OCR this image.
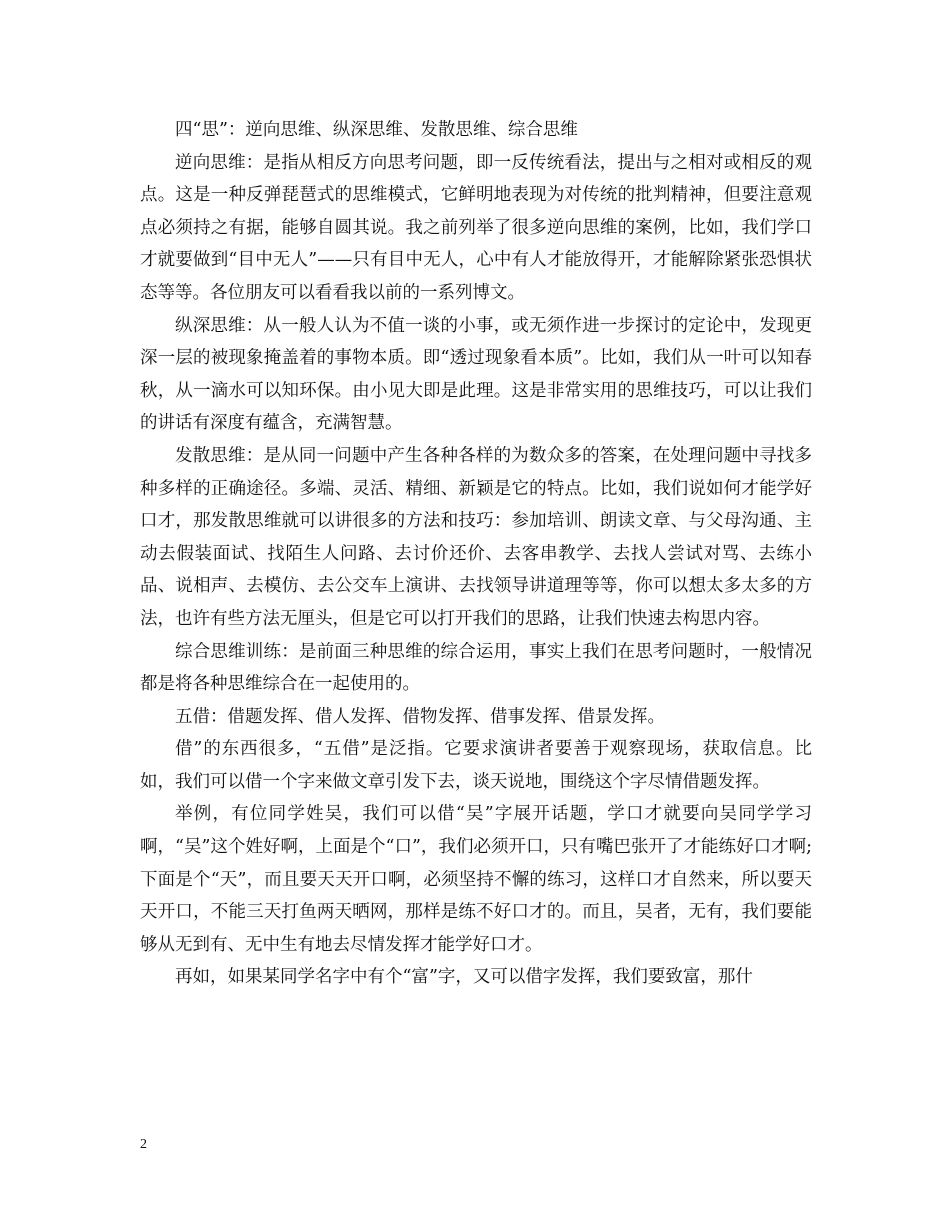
四“思”：逆向思维、纵深思维、发散思维、综合思维

逆向思维：是指从相反方向思考问题，即一反传统看法，提出与之相对或相反的观点。这是一种反弹琵琶式的思维模式，它鲜明地表现为对传统的批判精神，但要注意观点必须持之有据，能够自圆其说。我之前列举了很多逆向思维的案例，比如，我们学口才就要做到“目中无人”——只有目中无人，心中有人才能放得开，才能解除紧张恐惧状态等等。各位朋友可以看看我以前的一系列博文。

纵深思维：从一般人认为不值一谈的小事，或无须作进一步探讨的定论中，发现更深一层的被现象掩盖着的事物本质。即“透过现象看本质”。比如，我们从一叶可以知春秋，从一滴水可以知环保。由小见大即是此理。这是非常实用的思维技巧，可以让我们的讲话有深度有蕴含，充满智慧。

发散思维：是从同一问题中产生各种各样的为数众多的答案，在处理问题中寻找多种多样的正确途径。多端、灵活、精细、新颖是它的特点。比如，我们说如何才能学好口才，那发散思维就可以讲很多的方法和技巧：参加培训、朗读文章、与父母沟通、主动去假装面试、找陌生人问路、去讨价还价、去客串教学、去找人尝试对骂、去练小品、说相声、去模仿、去公交车上演讲、去找领导讲道理等等，你可以想太多太多的方法，也许有些方法无厘头，但是它可以打开我们的思路，让我们快速去构思内容。

综合思维训练：是前面三种思维的综合运用，事实上我们在思考问题时，一般情况都是将各种思维综合在一起使用的。

五借：借题发挥、借人发挥、借物发挥、借事发挥、借景发挥。

借”的东西很多，“五借”是泛指。它要求演讲者要善于观察现场，获取信息。比如，我们可以借一个字来做文章引发下去，谈天说地，围绕这个字尽情借题发挥。

举例，有位同学姓吴，我们可以借“吴”字展开话题，学口才就要向吴同学学习啊，“吴”这个姓好啊，上面是个“口”，我们必须开口，只有嘴巴张开了才能练好口才啊;下面是个“天”，而且要天天开口啊，必须坚持不懈的练习，这样口才自然来，所以要天天开口，不能三天打鱼两天晒网，那样是练不好口才的。而且，吴者，无有，我们要能够从无到有、无中生有地去尽情发挥才能学好口才。

再如，如果某同学名字中有个“富”字，又可以借字发挥，我们要致富，那什

2
